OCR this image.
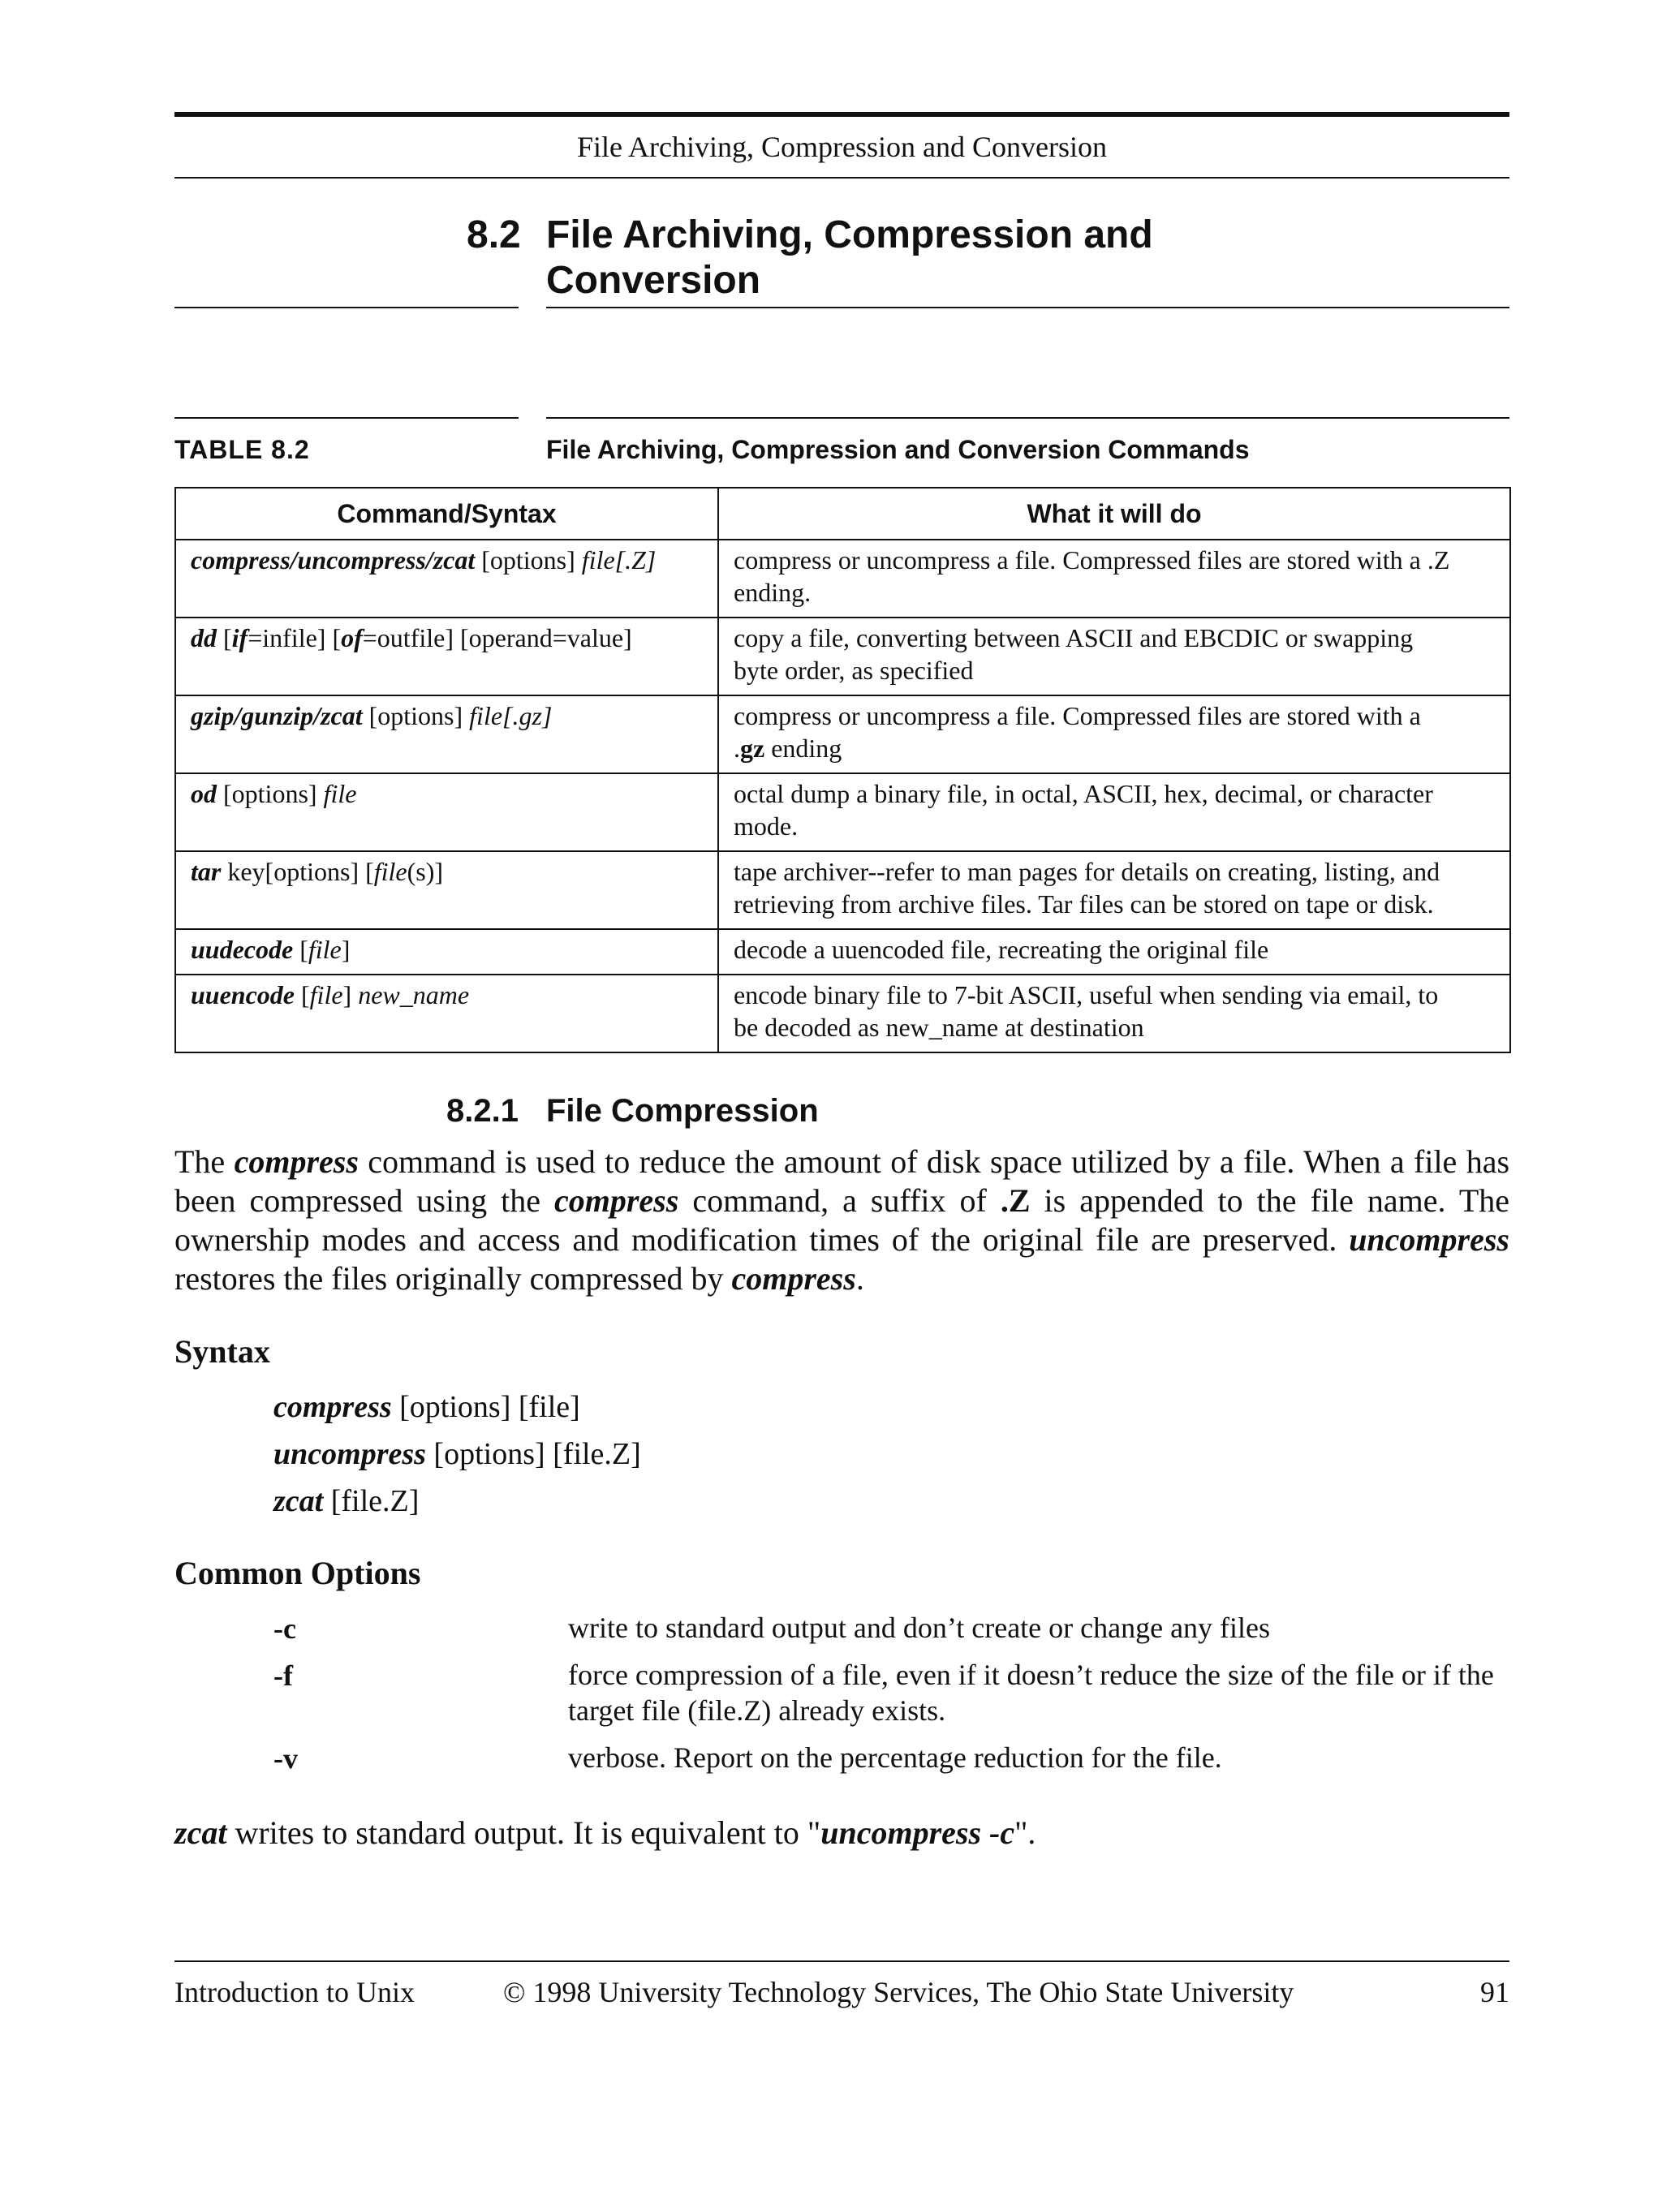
File Archiving, Compression and Conversion
8.2 File Archiving, Compression and
Conversion
TABLE 8.2	File Archiving, Compression and Conversion Commands
Command/Syntax	What it will do
compress/uncompress/zcat [options] file[.Z]	compress or uncompress a file. Compressed files are stored with a .Z
ending.

dd [if=infile] [of=outfile] [operand=value]	copy a file, converting between ASCII and EBCDIC or swapping
byte order, as specified

gzip/gunzip/zcat [options] file[.gz]	compress or uncompress a file. Compressed files are stored with a
.gz ending

od [options] file	octal dump a binary file, in octal, ASCII, hex, decimal, or character
mode.

tar key[options] [file(s)]	tape archiver--refer to man pages for details on creating, listing, and
retrieving from archive files. Tar files can be stored on tape or disk.

uudecode [file]	decode a uuencoded file, recreating the original file

uuencode [file] new_name	encode binary file to 7-bit ASCII, useful when sending via email, to
be decoded as new_name at destination
8.2.1 File Compression
The compress command is used to reduce the amount of disk space utilized by a file. When a file has been compressed using the compress command, a suffix of .Z is appended to the file name. The ownership modes and access and modification times of the original file are preserved. uncompress restores the files originally compressed by compress.
Syntax
compress [options] [file]
uncompress [options] [file.Z]
zcat [file.Z]
Common Options
-c	write to standard output and don’t create or change any files
-f	force compression of a file, even if it doesn’t reduce the size of the file or if the target file (file.Z) already exists.
-v	verbose. Report on the percentage reduction for the file.
zcat writes to standard output. It is equivalent to "uncompress -c".
Introduction to Unix	© 1998 University Technology Services, The Ohio State University	91
